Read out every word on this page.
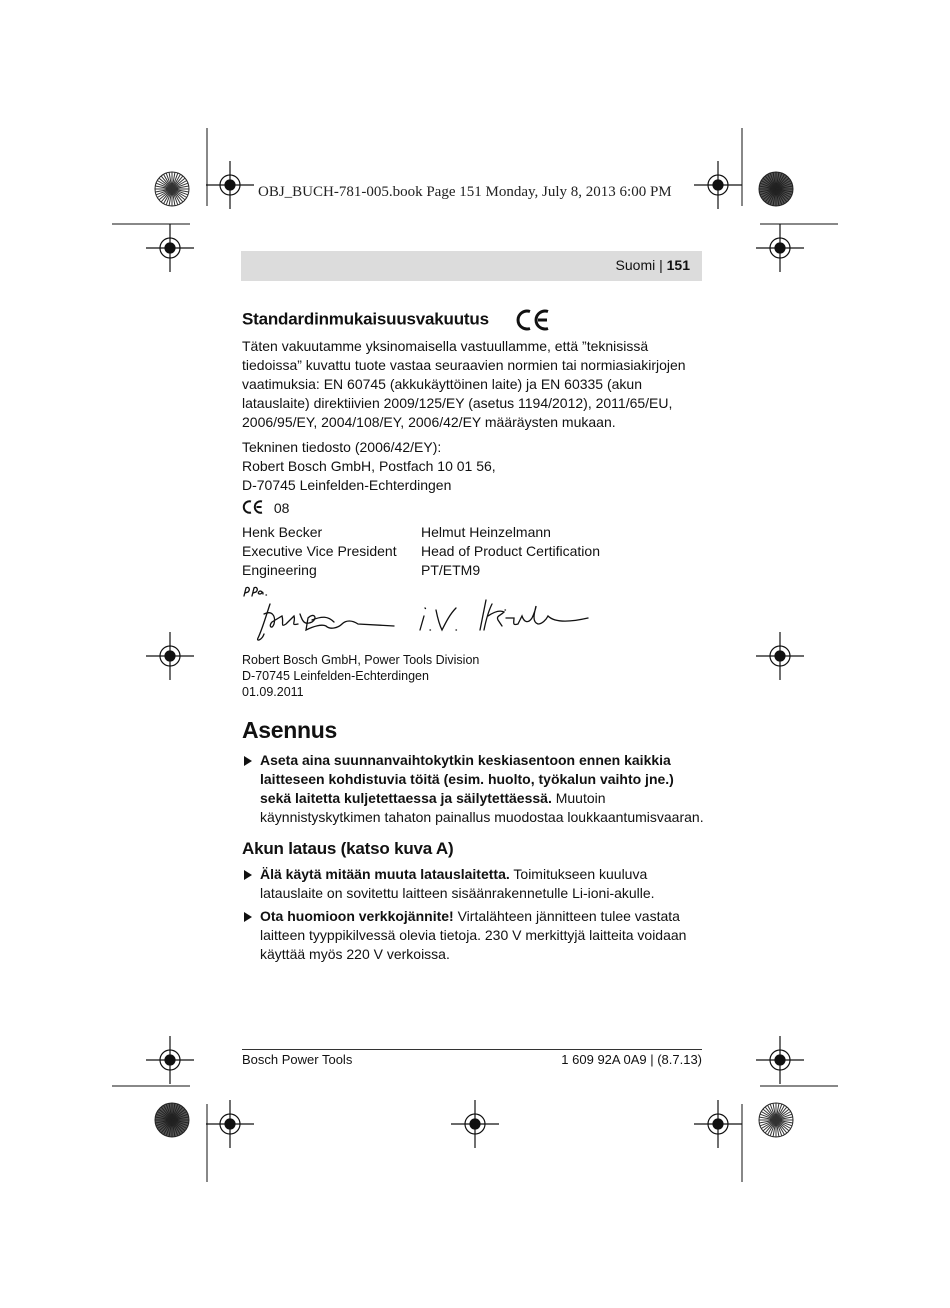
OBJ_BUCH-781-005.book Page 151 Monday, July 8, 2013 6:00 PM
Suomi | 151
Standardinmukaisuusvakuutus

Täten vakuutamme yksinomaisella vastuullamme, että ”teknisissä tiedoissa” kuvattu tuote vastaa seuraavien normien tai normiasiakirjojen vaatimuksia: EN 60745 (akkukäyttöinen laite) ja EN 60335 (akun latauslaite) direktiivien 2009/125/EY (asetus 1194/2012), 2011/65/EU, 2006/95/EY, 2004/108/EY, 2006/42/EY määräysten mukaan.

Tekninen tiedosto (2006/42/EY):

Robert Bosch GmbH, Postfach 10 01 56,

D-70745 Leinfelden-Echterdingen

08

Henk Becker

Executive Vice President

Engineering

Helmut Heinzelmann

Head of Product Certification

PT/ETM9

Robert Bosch GmbH, Power Tools Division

D-70745 Leinfelden-Echterdingen

01.09.2011

Asennus
Aseta aina suunnanvaihtokytkin keskiasentoon ennen kaikkia laitteseen kohdistuvia töitä (esim. huolto, työkalun vaihto jne.) sekä laitetta kuljetettaessa ja säilytettäessä. Muutoin käynnistyskytkimen tahaton painallus muodostaa loukkaantumisvaaran.
Akun lataus (katso kuva A)
Älä käytä mitään muuta latauslaitetta. Toimitukseen kuuluva latauslaite on sovitettu laitteen sisäänrakennetulle Li-ioni-akulle.
Ota huomioon verkkojännite! Virtalähteen jännitteen tulee vastata laitteen tyyppikilvessä olevia tietoja. 230 V merkittyjä laitteita voidaan käyttää myös 220 V verkoissa.
Bosch Power Tools	1 609 92A 0A9 | (8.7.13)
